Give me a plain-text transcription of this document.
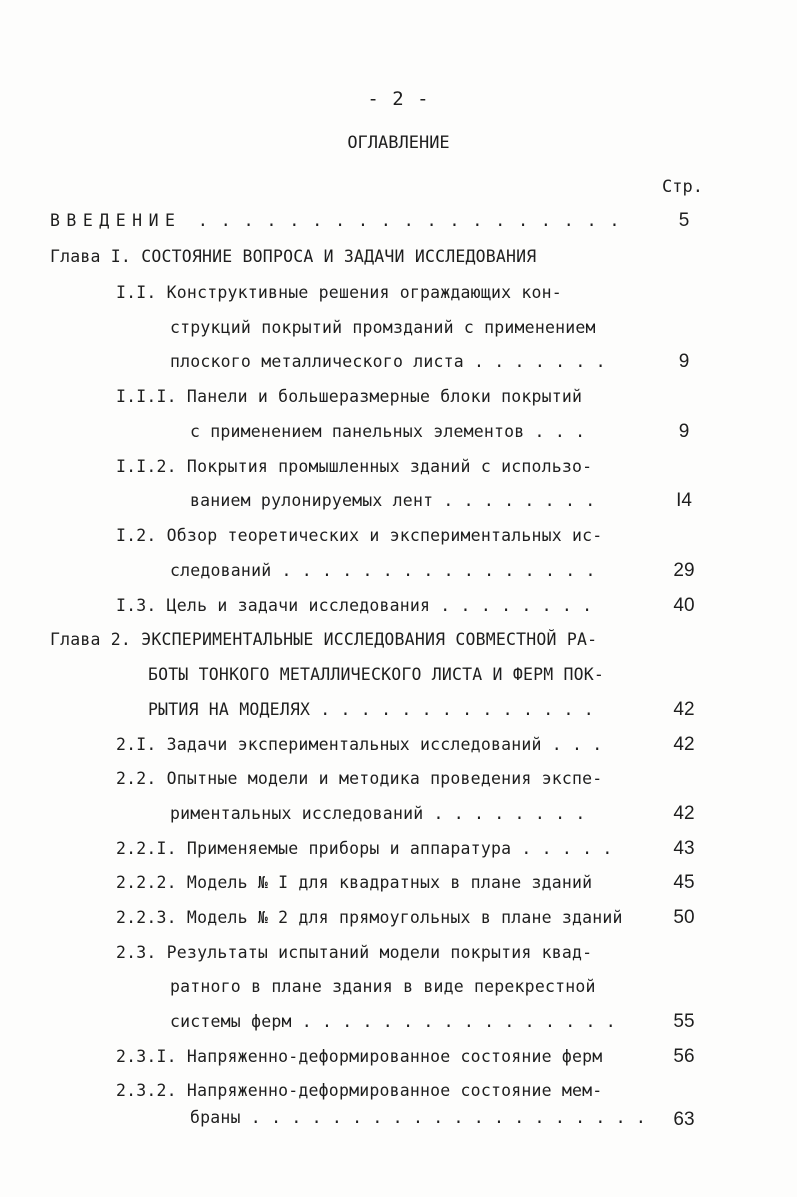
- 2 -
ОГЛАВЛЕНИЕ
Стр.
ВВЕДЕНИЕ . . . . . . . . . . . . . . . . . . .	5
Глава I. СОСТОЯНИЕ ВОПРОСА И ЗАДАЧИ ИССЛЕДОВАНИЯ
I.I. Конструктивные решения ограждающих кон-
струкций покрытий промзданий с применением
плоского металлического листа . . . . . . .	9
I.I.I. Панели и большеразмерные блоки покрытий
с применением панельных элементов . . .	9
I.I.2. Покрытия промышленных зданий с использо-
ванием рулонируемых лент . . . . . . . .	I4
I.2. Обзор теоретических и экспериментальных ис-
следований . . . . . . . . . . . . . . . .	29
I.3. Цель и задачи исследования . . . . . . . .	40
Глава 2. ЭКСПЕРИМЕНТАЛЬНЫЕ ИССЛЕДОВАНИЯ СОВМЕСТНОЙ РА-
БОТЫ ТОНКОГО МЕТАЛЛИЧЕСКОГО ЛИСТА И ФЕРМ ПОК-
РЫТИЯ НА МОДЕЛЯХ . . . . . . . . . . . . . .	42
2.I. Задачи экспериментальных исследований . . .	42
2.2. Опытные модели и методика проведения экспе-
риментальных исследований . . . . . . . .	42
2.2.I. Применяемые приборы и аппаратура . . . . .	43
2.2.2. Модель № I для квадратных в плане зданий	45
2.2.3. Модель № 2 для прямоугольных в плане зданий	50
2.3. Результаты испытаний модели покрытия квад-
ратного в плане здания в виде перекрестной
системы ферм . . . . . . . . . . . . . . . .	55
2.3.I. Напряженно-деформированное состояние ферм	56
2.3.2. Напряженно-деформированное состояние мем-
браны . . . . . . . . . . . . . . . . . . . .	63
